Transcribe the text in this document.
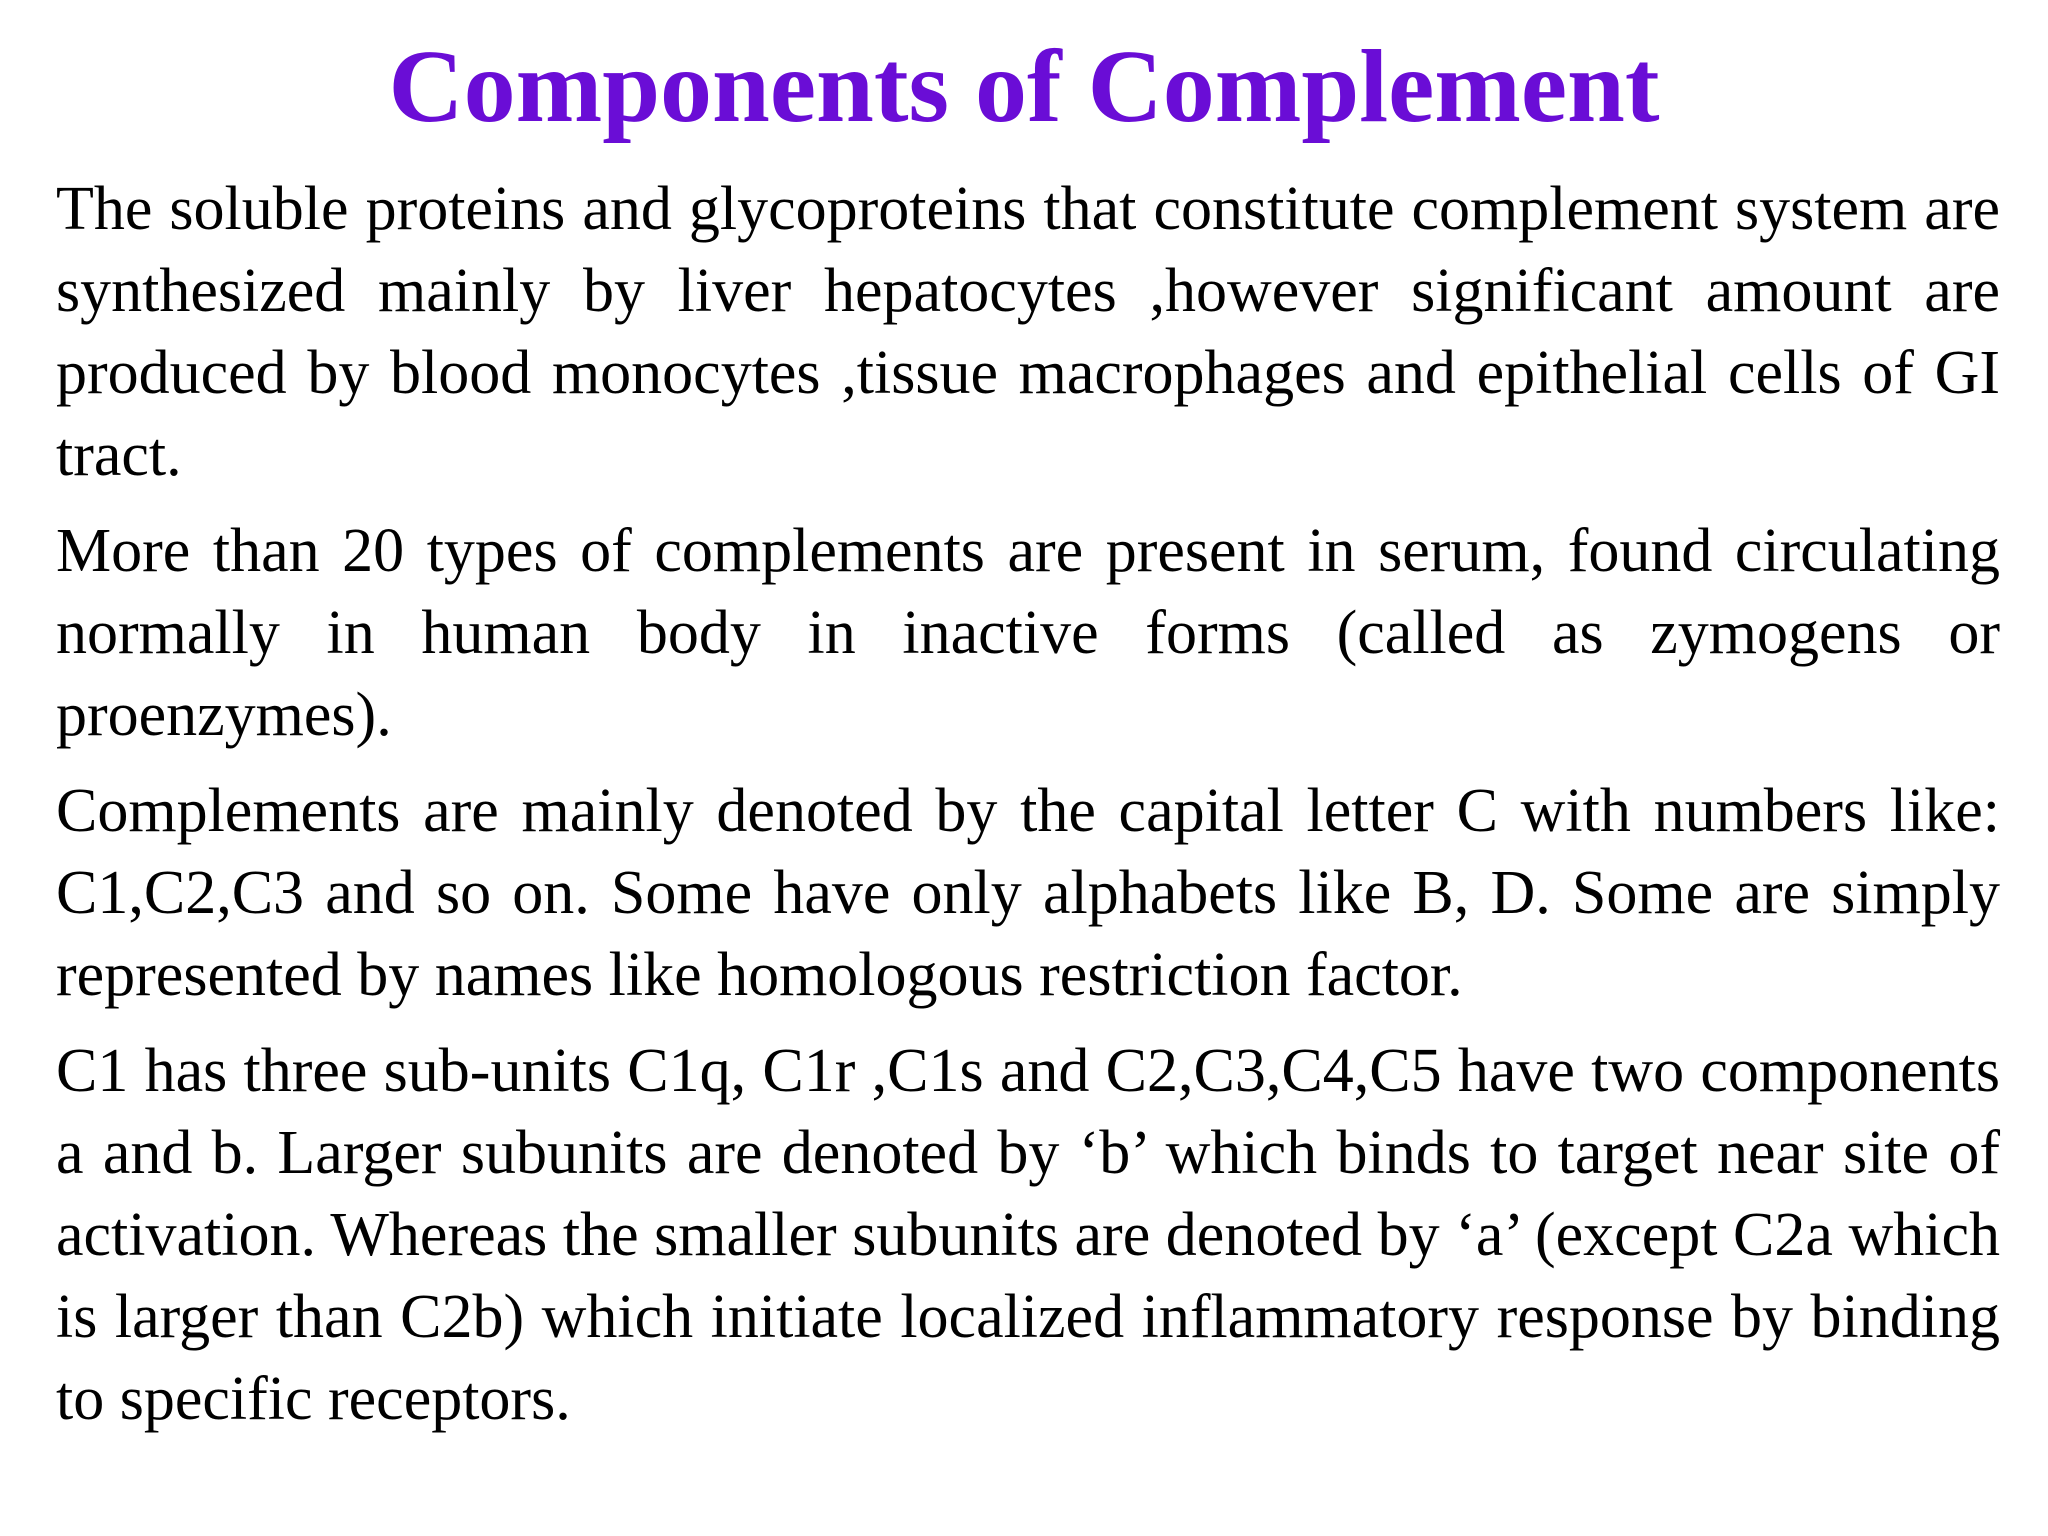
Components of Complement

The soluble proteins and glycoproteins that constitute complement system are synthesized mainly by liver hepatocytes ,however significant amount are produced by blood monocytes ,tissue macrophages and epithelial cells of GI tract.

More than 20 types of complements are present in serum, found circulating normally in human body in inactive forms (called as zymogens or proenzymes).

Complements are mainly denoted by the capital letter C with numbers like: C1,C2,C3 and so on. Some have only alphabets like B, D. Some are simply represented by names like homologous restriction factor.

C1 has three sub-units C1q, C1r ,C1s and C2,C3,C4,C5 have two components a and b. Larger subunits are denoted by ‘b’ which binds to target near site of activation. Whereas the smaller subunits are denoted by ‘a’ (except C2a which is larger than C2b) which initiate localized inflammatory response by binding to specific receptors.
